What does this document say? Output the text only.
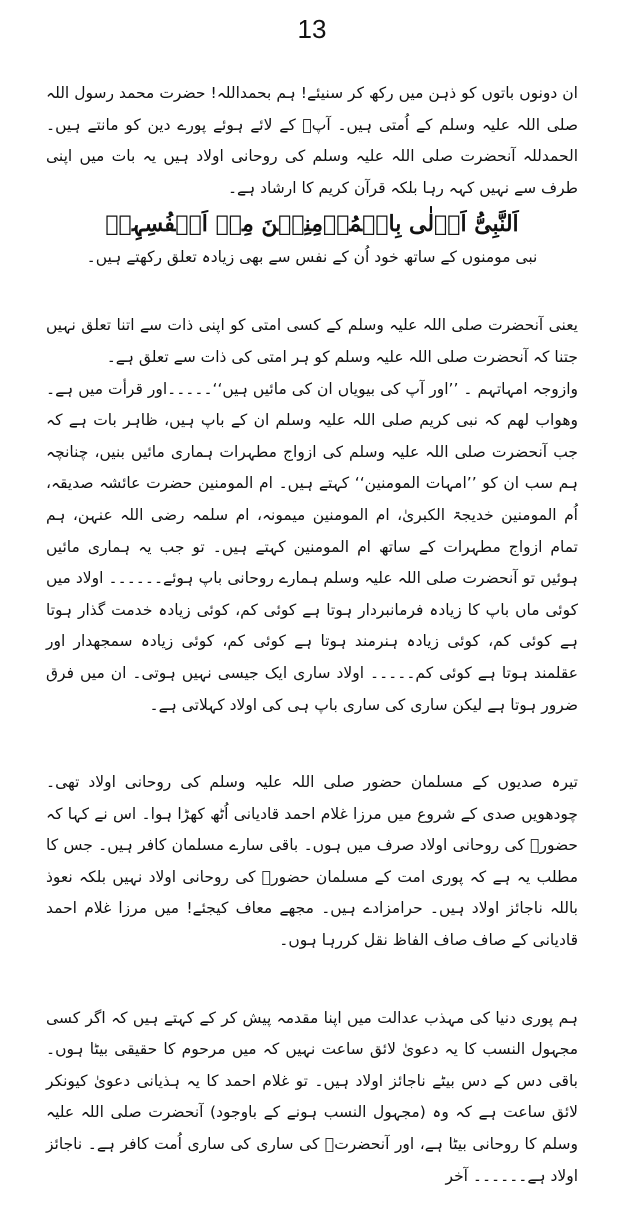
13

ان دونوں باتوں کو ذہن میں رکھ کر سنیئے! ہم بحمداللہ! حضرت محمد رسول اللہ صلی اللہ علیہ وسلم کے اُمتی ہیں۔ آپؐ کے لائے ہوئے پورے دین کو مانتے ہیں۔ الحمدللہ آنحضرت صلی اللہ علیہ وسلم کی روحانی اولاد ہیں یہ بات میں اپنی طرف سے نہیں کہہ رہا بلکہ قرآن کریم کا ارشاد ہے۔

اَلنَّبِیُّ اَوۡلٰی بِالۡمُؤۡمِنِیۡنَ مِنۡ اَنۡفُسِہِمۡ

نبی مومنوں کے ساتھ خود اُن کے نفس سے بھی زیادہ تعلق رکھتے ہیں۔

یعنی آنحضرت صلی اللہ علیہ وسلم کے کسی امتی کو اپنی ذات سے اتنا تعلق نہیں جتنا کہ آنحضرت صلی اللہ علیہ وسلم کو ہر امتی کی ذات سے تعلق ہے۔

وازوجہ امہاتہم ۔ ’’اور آپ کی بیویاں ان کی مائیں ہیں‘‘۔۔۔۔۔اور قرأت میں ہے۔ وھواب لھم کہ نبی کریم صلی اللہ علیہ وسلم ان کے باپ ہیں، ظاہر بات ہے کہ جب آنحضرت صلی اللہ علیہ وسلم کی ازواج مطہرات ہماری مائیں بنیں، چنانچہ ہم سب ان کو ’’امہات المومنین‘‘ کہتے ہیں۔ ام المومنین حضرت عائشہ صدیقہ، اُم المومنین خدیجۃ الکبریٰ، ام المومنین میمونہ، ام سلمہ رضی اللہ عنہن، ہم تمام ازواج مطہرات کے ساتھ ام المومنین کہتے ہیں۔ تو جب یہ ہماری مائیں ہوئیں تو آنحضرت صلی اللہ علیہ وسلم ہمارے روحانی باپ ہوئے۔۔۔۔۔۔ اولاد میں کوئی ماں باپ کا زیادہ فرمانبردار ہوتا ہے کوئی کم، کوئی زیادہ خدمت گذار ہوتا ہے کوئی کم، کوئی زیادہ ہنرمند ہوتا ہے کوئی کم، کوئی زیادہ سمجھدار اور عقلمند ہوتا ہے کوئی کم۔۔۔۔۔ اولاد ساری ایک جیسی نہیں ہوتی۔ ان میں فرق ضرور ہوتا ہے لیکن ساری کی ساری باپ ہی کی اولاد کہلاتی ہے۔

تیرہ صدیوں کے مسلمان حضور صلی اللہ علیہ وسلم کی روحانی اولاد تھی۔ چودھویں صدی کے شروع میں مرزا غلام احمد قادیانی اُٹھ کھڑا ہوا۔ اس نے کہا کہ حضورؐ کی روحانی اولاد صرف میں ہوں۔ باقی سارے مسلمان کافر ہیں۔ جس کا مطلب یہ ہے کہ پوری امت کے مسلمان حضورؐ کی روحانی اولاد نہیں بلکہ نعوذ باللہ ناجائز اولاد ہیں۔ حرامزادے ہیں۔ مجھے معاف کیجئے! میں مرزا غلام احمد قادیانی کے صاف صاف الفاظ نقل کررہا ہوں۔

ہم پوری دنیا کی مہذب عدالت میں اپنا مقدمہ پیش کر کے کہتے ہیں کہ اگر کسی مجہول النسب کا یہ دعویٰ لائق ساعت نہیں کہ میں مرحوم کا حقیقی بیٹا ہوں۔ باقی دس کے دس بیٹے ناجائز اولاد ہیں۔ تو غلام احمد کا یہ ہذیانی دعویٰ کیونکر لائق ساعت ہے کہ وہ (مجہول النسب ہونے کے باوجود) آنحضرت صلی اللہ علیہ وسلم کا روحانی بیٹا ہے، اور آنحضرتؐ کی ساری کی ساری اُمت کافر ہے۔ ناجائز اولاد ہے۔۔۔۔۔۔ آخر
